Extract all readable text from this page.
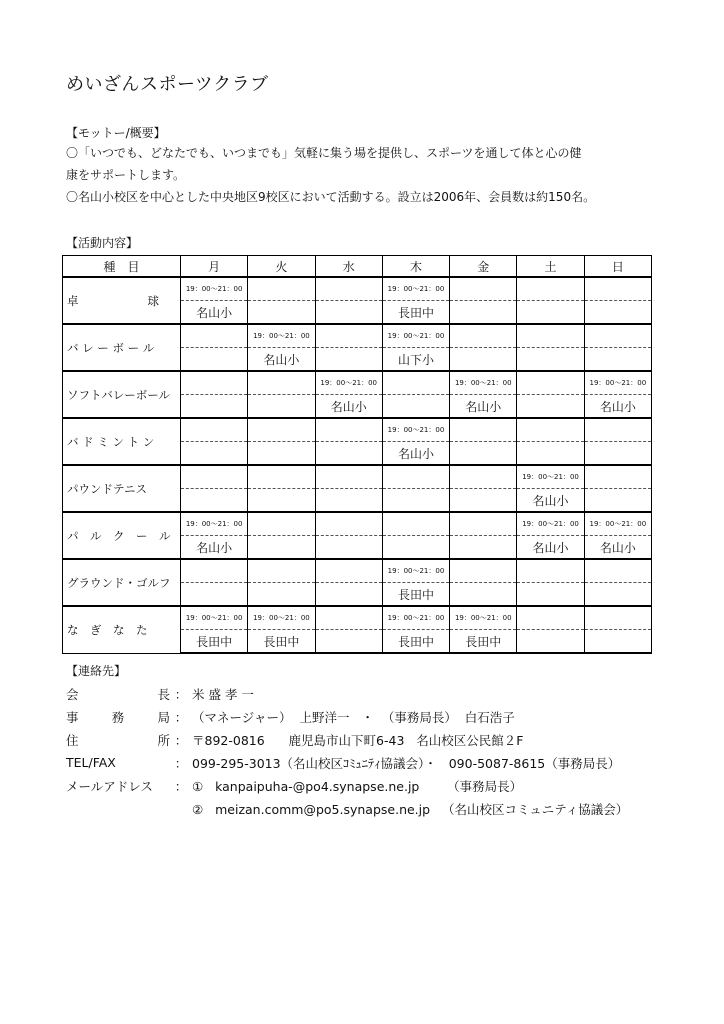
めいざんスポーツクラブ
【モットー/概要】
〇「いつでも、どなたでも、いつまでも」気軽に集う場を提供し、スポーツを通して体と心の健
康をサポートします。
〇名山小校区を中心とした中央地区9校区において活動する。設立は2006年、会員数は約150名。
【活動内容】
種　目	月	火	水	木	金	土	日

卓　　　　　　球	19：00～21：00			19：00～21：00			
	名山小			長田中			

バ レ ー ボ ー ル		19：00～21：00		19：00～21：00			
		名山小		山下小			

ソフトバレーボール			19：00～21：00		19：00～21：00		19：00～21：00
			名山小		名山小		名山小

バ ド ミ ン ト ン				19：00～21：00			
				名山小			

パウンドテニス						19：00～21：00	
						名山小	

パ　ル　ク　ー　ル	19：00～21：00					19：00～21：00	19：00～21：00
	名山小					名山小	名山小

グラウンド・ゴルフ				19：00～21：00			
				長田中			

な　ぎ　な　た	19：00～21：00	19：00～21：00		19：00～21：00	19：00～21：00		
	長田中	長田中		長田中	長田中		
【連絡先】
会	長 ： 米 盛 孝 一
事	務	局 ： （マネージャー）  上野洋一   ・  （事務局長）  白石浩子
住	所 ： 〒892-0816      鹿児島市山下町6-43   名山校区公民館２F
TEL/FAX	： 099-295-3013（名山校区ｺﾐｭﾆﾃｨ協議会）・   090-5087-8615（事務局長）
メールアドレス	： ①   kanpaipuha-@po4.synapse.ne.jp       （事務局長）
②   meizan.comm@po5.synapse.ne.jp   （名山校区コミュニティ協議会）
